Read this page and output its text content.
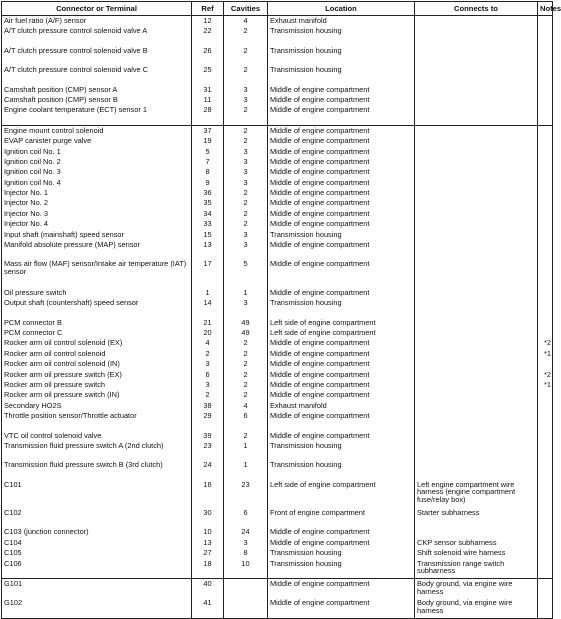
Connector or Terminal	Ref	Cavities	Location	Connects to	Notes
Air fuel ratio (A/F) sensor	12	4	Exhaust manifold		
A/T clutch pressure control solenoid valve A	22	2	Transmission housing		
A/T clutch pressure control solenoid valve B	26	2	Transmission housing		
A/T clutch pressure control solenoid valve C	25	2	Transmission housing		
Camshaft position (CMP) sensor A	31	3	Middle of engine compartment		
Camshaft position (CMP) sensor B	11	3	Middle of engine compartment		
Engine coolant temperature (ECT) sensor 1	28	2	Middle of engine compartment		
Engine mount control solenoid	37	2	Middle of engine compartment		
EVAP canister purge valve	19	2	Middle of engine compartment		
Ignition coil No. 1	5	3	Middle of engine compartment		
Ignition coil No. 2	7	3	Middle of engine compartment		
Ignition coil No. 3	8	3	Middle of engine compartment		
Ignition coil No. 4	9	3	Middle of engine compartment		
Injector No. 1	36	2	Middle of engine compartment		
Injector No. 2	35	2	Middle of engine compartment		
Injector No. 3	34	2	Middle of engine compartment		
Injector No. 4	33	2	Middle of engine compartment		
Input shaft (mainshaft) speed sensor	15	3	Transmission housing		
Manifold absolute pressure (MAP) sensor	13	3	Middle of engine compartment		
Mass air flow (MAF) sensor/Intake air temperature (IAT) sensor	17	5	Middle of engine compartment		
Oil pressure switch	1	1	Middle of engine compartment		
Output shaft (countershaft) speed sensor	14	3	Transmission housing		
PCM connector B	21	49	Left side of engine compartment		
PCM connector C	20	49	Left side of engine compartment		
Rocker arm oil control solenoid (EX)	4	2	Middle of engine compartment		*2
Rocker arm oil control solenoid	2	2	Middle of engine compartment		*1
Rocker arm oil control solenoid (IN)	3	2	Middle of engine compartment		
Rocker arm oil pressure switch (EX)	6	2	Middle of engine compartment		*2
Rocker arm oil pressure switch	3	2	Middle of engine compartment		*1
Rocker arm oil pressure switch (IN)	2	2	Middle of engine compartment		
Secondary HO2S	38	4	Exhaust manifold		
Throttle position sensor/Throttle actuator	29	6	Middle of engine compartment		
VTC oil control solenoid valve	39	2	Middle of engine compartment		
Transmission fluid pressure switch A (2nd clutch)	23	1	Transmission housing		
Transmission fluid pressure switch B (3rd clutch)	24	1	Transmission housing		
C101	16	23	Left side of engine compartment	Left engine compartment wire harness (engine compartment fuse/relay box)	
C102	30	6	Front of engine compartment	Starter subharness	
C103 (junction connector)	10	24	Middle of engine compartment		
C104	13	3	Middle of engine compartment	CKP sensor subharness	
C105	27	8	Transmission housing	Shift solenoid wire harness	
C106	18	10	Transmission housing	Transmission range switch subharness	
G101	40		Middle of engine compartment	Body ground, via engine wire harness	
G102	41		Middle of engine compartment	Body ground, via engine wire harness	
